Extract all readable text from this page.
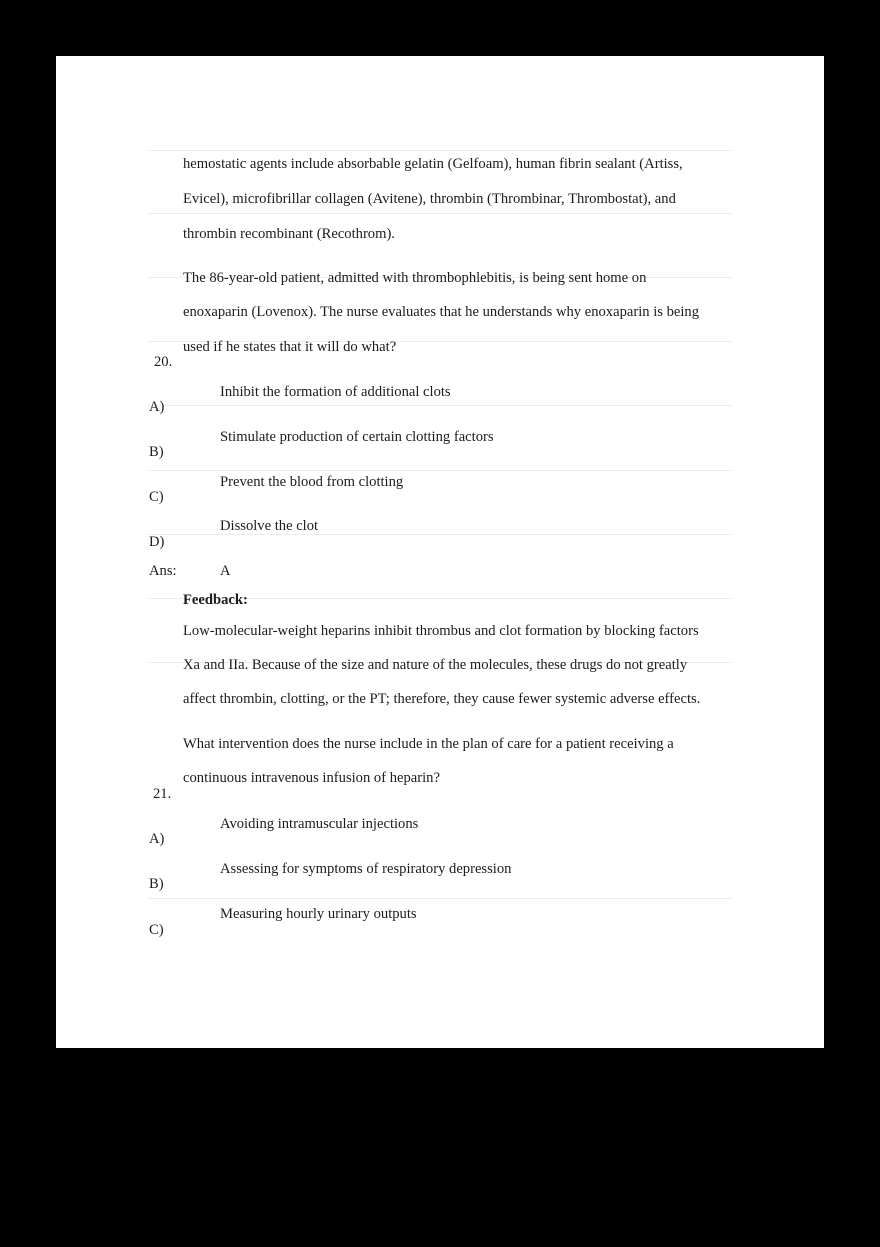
hemostatic agents include absorbable gelatin (Gelfoam), human fibrin sealant (Artiss,
Evicel), microfibrillar collagen (Avitene), thrombin (Thrombinar, Thrombostat), and
thrombin recombinant (Recothrom).
The 86-year-old patient, admitted with thrombophlebitis, is being sent home on
enoxaparin (Lovenox). The nurse evaluates that he understands why enoxaparin is being
used if he states that it will do what?
20.
Inhibit the formation of additional clots
A)
Stimulate production of certain clotting factors
B)
Prevent the blood from clotting
C)
Dissolve the clot
D)
Ans:	A
Feedback:
Low-molecular-weight heparins inhibit thrombus and clot formation by blocking factors
Xa and IIa. Because of the size and nature of the molecules, these drugs do not greatly
affect thrombin, clotting, or the PT; therefore, they cause fewer systemic adverse effects.
What intervention does the nurse include in the plan of care for a patient receiving a
continuous intravenous infusion of heparin?
21.
Avoiding intramuscular injections
A)
Assessing for symptoms of respiratory depression
B)
Measuring hourly urinary outputs
C)
